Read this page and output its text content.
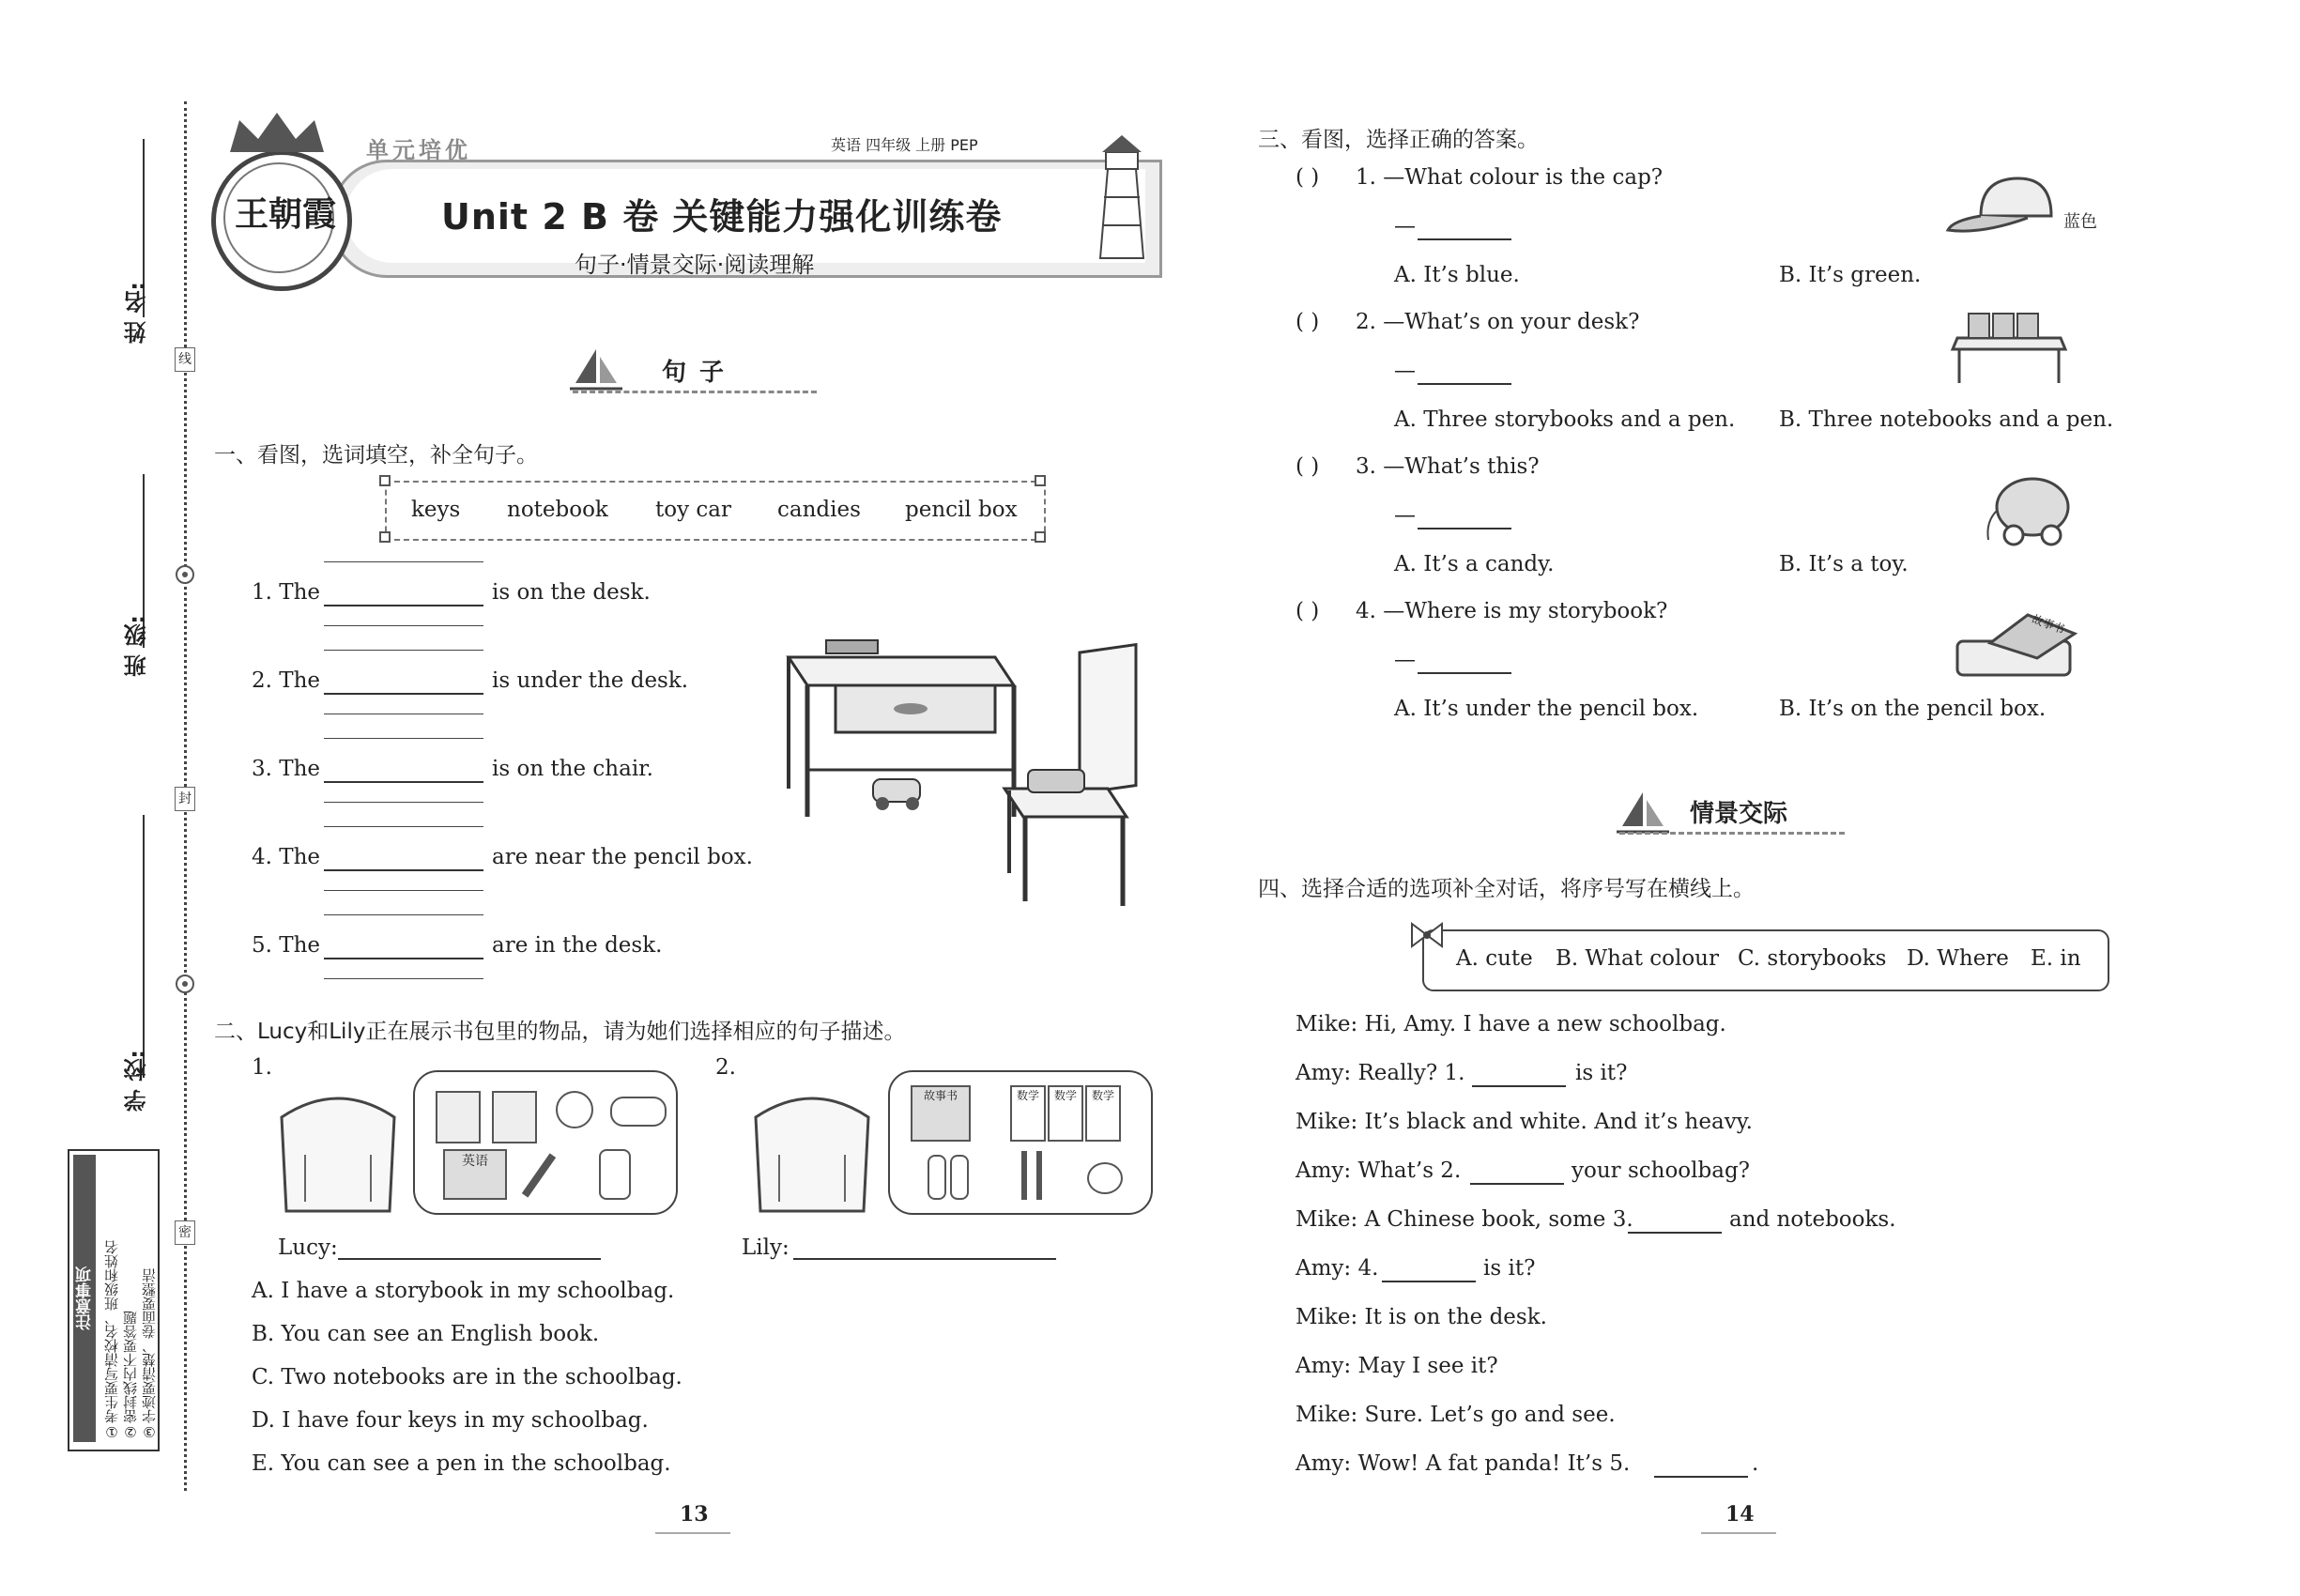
线
封
密
姓 名:
班 级:
学 校:
注意事项 ①考生要写清校名、班级和姓名 ②密封线内不要答题 ③字迹要清楚、卷面要整洁
王朝霞
单元培优	英语 四年级 上册 PEP
Unit 2 B 卷 关键能力强化训练卷
句子·情景交际·阅读理解
句子
一、看图，选词填空，补全句子。
keys notebook toy car candies pencil box
1. The	is on the desk.
2. The	is under the desk.
3. The	is on the chair.
4. The	are near the pencil box.
5. The	are in the desk.
二、Lucy和Lily正在展示书包里的物品，请为她们选择相应的句子描述。
1.	2.
英语
Lucy:
故事书	数学	数学	数学
Lily:
A. I have a storybook in my schoolbag.
B. You can see an English book.
C. Two notebooks are in the schoolbag.
D. I have four keys in my schoolbag.
E. You can see a pen in the schoolbag.
13
三、看图，选择正确的答案。
( ) 1. —What colour is the cap?
—
A. It’s blue.	B. It’s green.
蓝色
( ) 2. —What’s on your desk?
—
A. Three storybooks and a pen. B. Three notebooks and a pen.
( ) 3. —What’s this?
—
A. It’s a candy.	B. It’s a toy.
( ) 4. —Where is my storybook?
—
A. It’s under the pencil box.	B. It’s on the pencil box.
故事书
情景交际
四、选择合适的选项补全对话，将序号写在横线上。
A. cute B. What colour C. storybooks D. Where E. in
Mike: Hi, Amy. I have a new schoolbag.
Amy: Really? 1.	is it?
Mike: It’s black and white. And it’s heavy.
Amy: What’s 2.	your schoolbag?
Mike: A Chinese book, some 3.	and notebooks.
Amy: 4.	is it?
Mike: It is on the desk.
Amy: May I see it?
Mike: Sure. Let’s go and see.
Amy: Wow! A fat panda! It’s 5.	.
14
